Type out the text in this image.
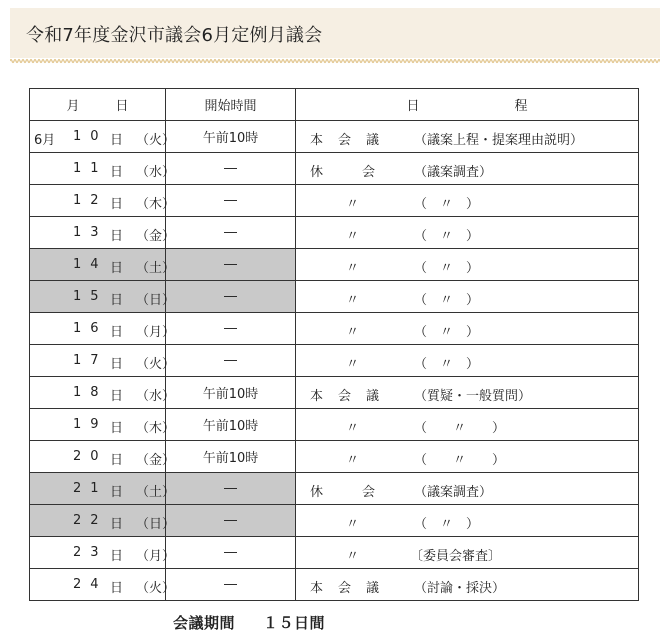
令和7年度金沢市議会6月定例月議会
月 日	開始時間	日 程

6月 10 日 （火）	午前10時	本　会　議 （議案上程・提案理由説明）

11 日 （水）	―	休　　　会 （議案調査）

12 日 （木）	―	〃 （　〃　）

13 日 （金）	―	〃 （　〃　）

14 日 （土）	―	〃 （　〃　）

15 日 （日）	―	〃 （　〃　）

16 日 （月）	―	〃 （　〃　）

17 日 （火）	―	〃 （　〃　）

18 日 （水）	午前10時	本　会　議 （質疑・一般質問）

19 日 （木）	午前10時	〃 （　　〃　　）

20 日 （金）	午前10時	〃 （　　〃　　）

21 日 （土）	―	休　　　会 （議案調査）

22 日 （日）	―	〃 （　〃　）

23 日 （月）	―	〃 〔委員会審査〕

24 日 （火）	―	本　会　議 （討論・採決）
会議期間 １５日間
